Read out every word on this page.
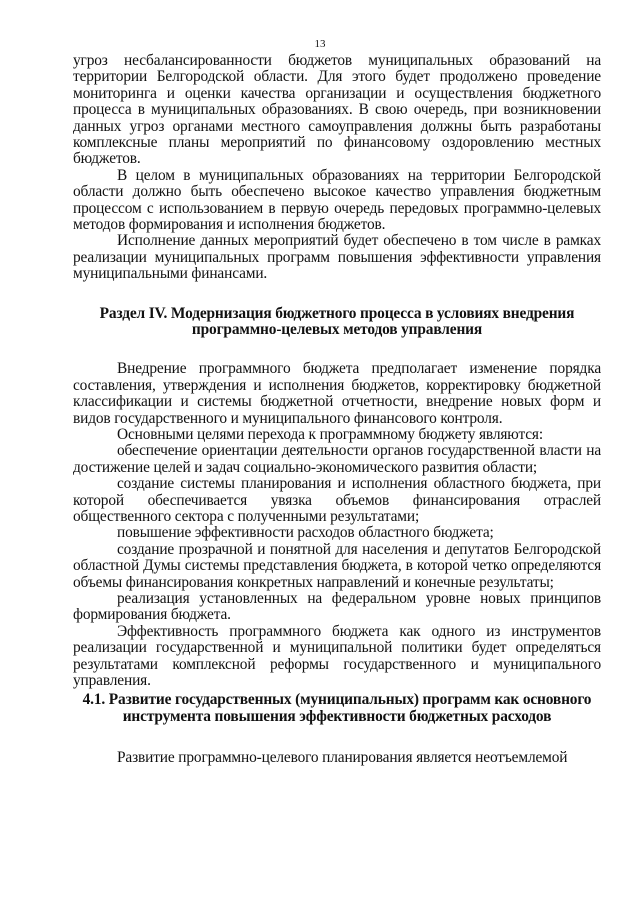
13

угроз несбалансированности бюджетов муниципальных образований на территории Белгородской области. Для этого будет продолжено проведение мониторинга и оценки качества организации и осуществления бюджетного процесса в муниципальных образованиях. В свою очередь, при возникновении данных угроз органами местного самоуправления должны быть разработаны комплексные планы мероприятий по финансовому оздоровлению местных бюджетов.

В целом в муниципальных образованиях на территории Белгородской области должно быть обеспечено высокое качество управления бюджетным процессом с использованием в первую очередь передовых программно-целевых методов формирования и исполнения бюджетов.

Исполнение данных мероприятий будет обеспечено в том числе в рамках реализации муниципальных программ повышения эффективности управления муниципальными финансами.

Раздел IV. Модернизация бюджетного процесса в условиях внедрения программно-целевых методов управления

Внедрение программного бюджета предполагает изменение порядка составления, утверждения и исполнения бюджетов, корректировку бюджетной классификации и системы бюджетной отчетности, внедрение новых форм и видов государственного и муниципального финансового контроля.

Основными целями перехода к программному бюджету являются:

обеспечение ориентации деятельности органов государственной власти на достижение целей и задач социально-экономического развития области;

создание системы планирования и исполнения областного бюджета, при которой обеспечивается увязка объемов финансирования отраслей общественного сектора с полученными результатами;

повышение эффективности расходов областного бюджета;

создание прозрачной и понятной для населения и депутатов Белгородской областной Думы системы представления бюджета, в которой четко определяются объемы финансирования конкретных направлений и конечные результаты;

реализация установленных на федеральном уровне новых принципов формирования бюджета.

Эффективность программного бюджета как одного из инструментов реализации государственной и муниципальной политики будет определяться результатами комплексной реформы государственного и муниципального управления.

4.1. Развитие государственных (муниципальных) программ как основного инструмента повышения эффективности бюджетных расходов

Развитие программно-целевого планирования является неотъемлемой
